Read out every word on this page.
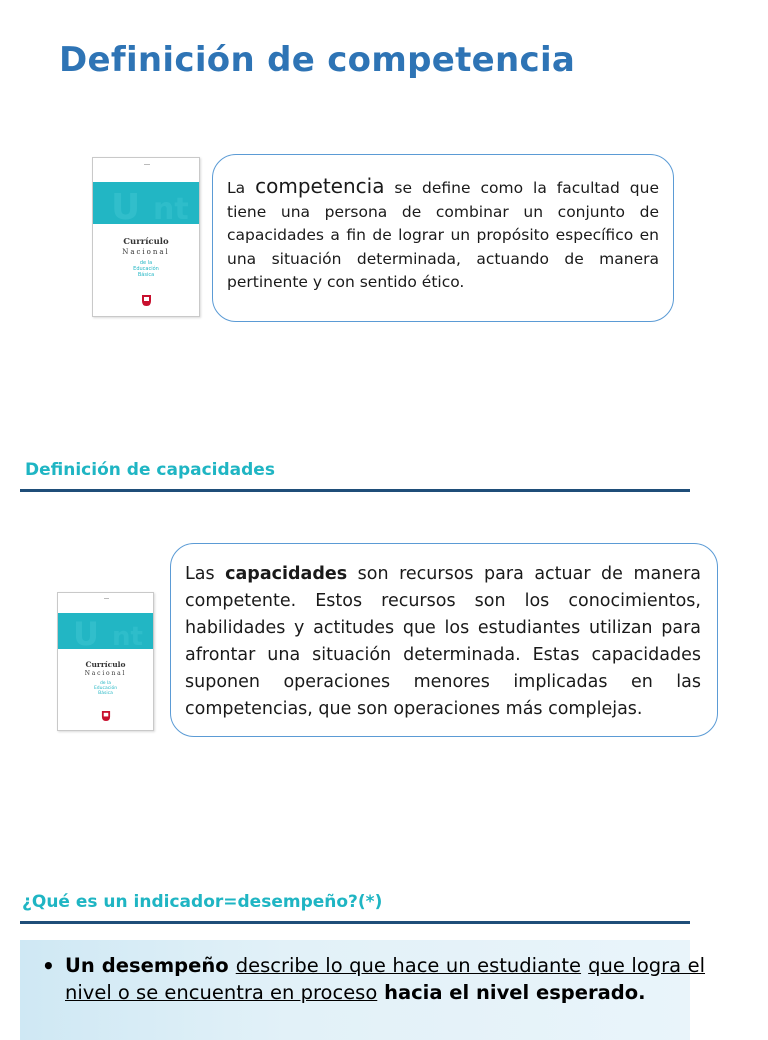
Definición de competencia
U nt
Currículo
Nacional
de la
Educación
Básica

La competencia se define como la facultad que tiene una persona de combinar un conjunto de capacidades a fin de lograr un propósito específico en una situación determinada, actuando de manera pertinente y con sentido ético.

Definición de capacidades
U nt
Currículo
Nacional
de la
Educación
Básica

Las capacidades son recursos para actuar de manera competente. Estos recursos son los conocimientos, habilidades y actitudes que los estudiantes utilizan para afrontar una situación determinada. Estas capacidades suponen operaciones menores implicadas en las competencias, que son operaciones más complejas.

¿Qué es un indicador=desempeño?(*)
• Un desempeño describe lo que hace un estudiante que logra el nivel o se encuentra en proceso hacia el nivel esperado.
